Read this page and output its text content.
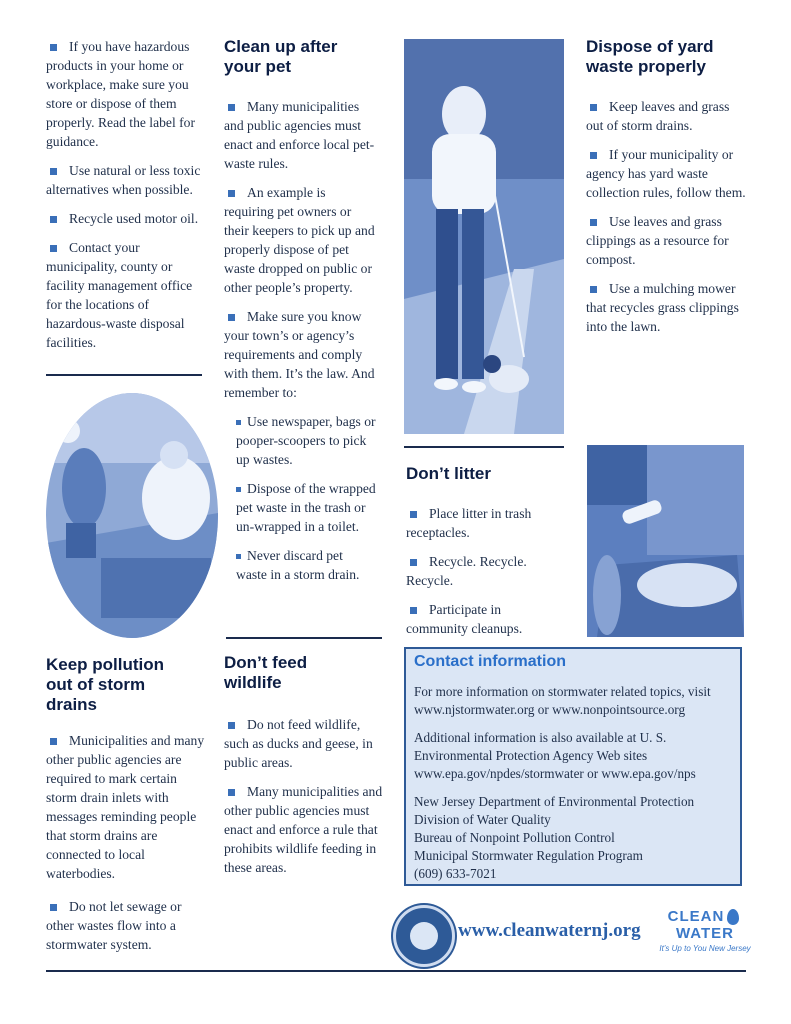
If you have hazardous products in your home or workplace, make sure you store or dispose of them properly. Read the label for guidance.

Use natural or less toxic alternatives when possible.

Recycle used motor oil.

Contact your municipality, county or facility management office for the locations of hazardous-waste disposal facilities.

Keep pollution
out of storm
drains

Municipalities and many other public agencies are required to mark certain storm drain inlets with messages reminding people that storm drains are connected to local waterbodies.

Do not let sewage or other wastes flow into a stormwater system.

Clean up after
your pet

Many municipalities and public agencies must enact and enforce local pet-waste rules.

An example is requiring pet owners or their keepers to pick up and properly dispose of pet waste dropped on public or other people’s property.

Make sure you know your town’s or agency’s requirements and comply with them. It’s the law. And remember to:

Use newspaper, bags or pooper-scoopers to pick up wastes.

Dispose of the wrapped pet waste in the trash or un-wrapped in a toilet.

Never discard pet waste in a storm drain.

Don’t feed
wildlife

Do not feed wildlife, such as ducks and geese, in public areas.

Many municipalities and other public agencies must enact and enforce a rule that prohibits wildlife feeding in these areas.

Don’t litter

Place litter in trash receptacles.

Recycle. Recycle. Recycle.

Participate in community cleanups.

Dispose of yard
waste properly

Keep leaves and grass out of storm drains.

If your municipality or agency has yard waste collection rules, follow them.

Use leaves and grass clippings as a resource for compost.

Use a mulching mower that recycles grass clippings into the lawn.

Contact information

For more information on stormwater related topics, visit www.njstormwater.org or www.nonpointsource.org

Additional information is also available at U. S. Environmental Protection Agency Web sites www.epa.gov/npdes/stormwater or www.epa.gov/nps

New Jersey Department of Environmental Protection
Division of Water Quality
Bureau of Nonpoint Pollution Control
Municipal Stormwater Regulation Program
(609) 633-7021

www.cleanwaternj.org
CLEANWATER
It’s Up to You New Jersey
